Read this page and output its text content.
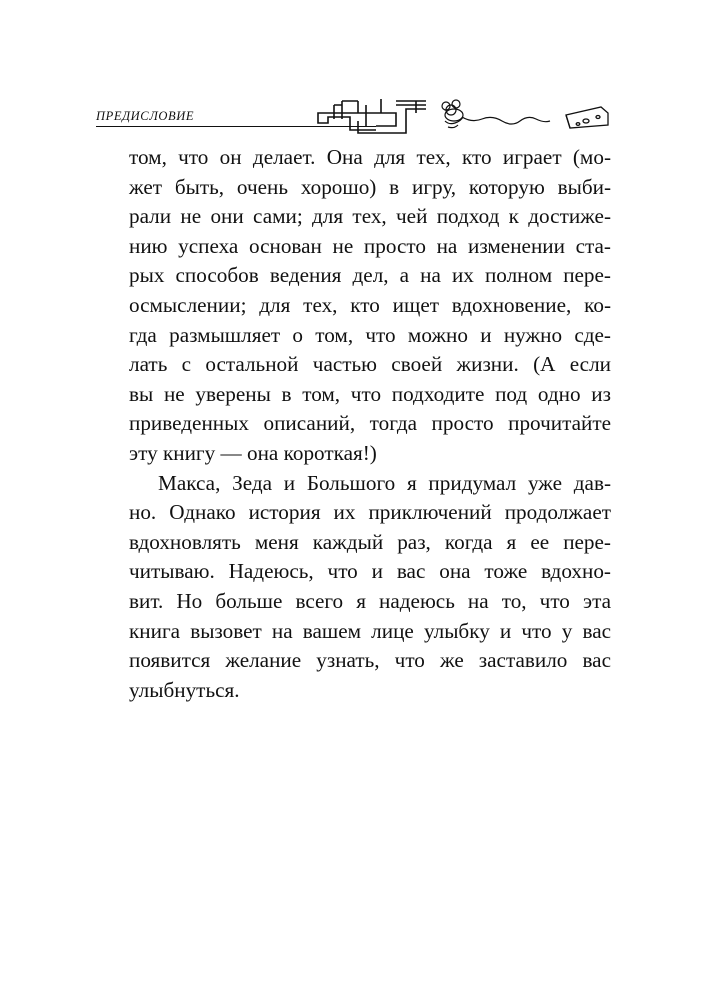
ПРЕДИСЛОВИЕ
том, что он делает. Она для тех, кто играет (мо-
жет быть, очень хорошо) в игру, которую выби-
рали не они сами; для тех, чей подход к достиже-
нию успеха основан не просто на изменении ста-
рых способов ведения дел, а на их полном пере-
осмыслении; для тех, кто ищет вдохновение, ко-
гда размышляет о том, что можно и нужно сде-
лать с остальной частью своей жизни. (А если
вы не уверены в том, что подходите под одно из
приведенных описаний, тогда просто прочитайте
эту книгу — она короткая!)
Макса, Зеда и Большого я придумал уже дав-
но. Однако история их приключений продолжает
вдохновлять меня каждый раз, когда я ее пере-
читываю. Надеюсь, что и вас она тоже вдохно-
вит. Но больше всего я надеюсь на то, что эта
книга вызовет на вашем лице улыбку и что у вас
появится желание узнать, что же заставило вас
улыбнуться.
